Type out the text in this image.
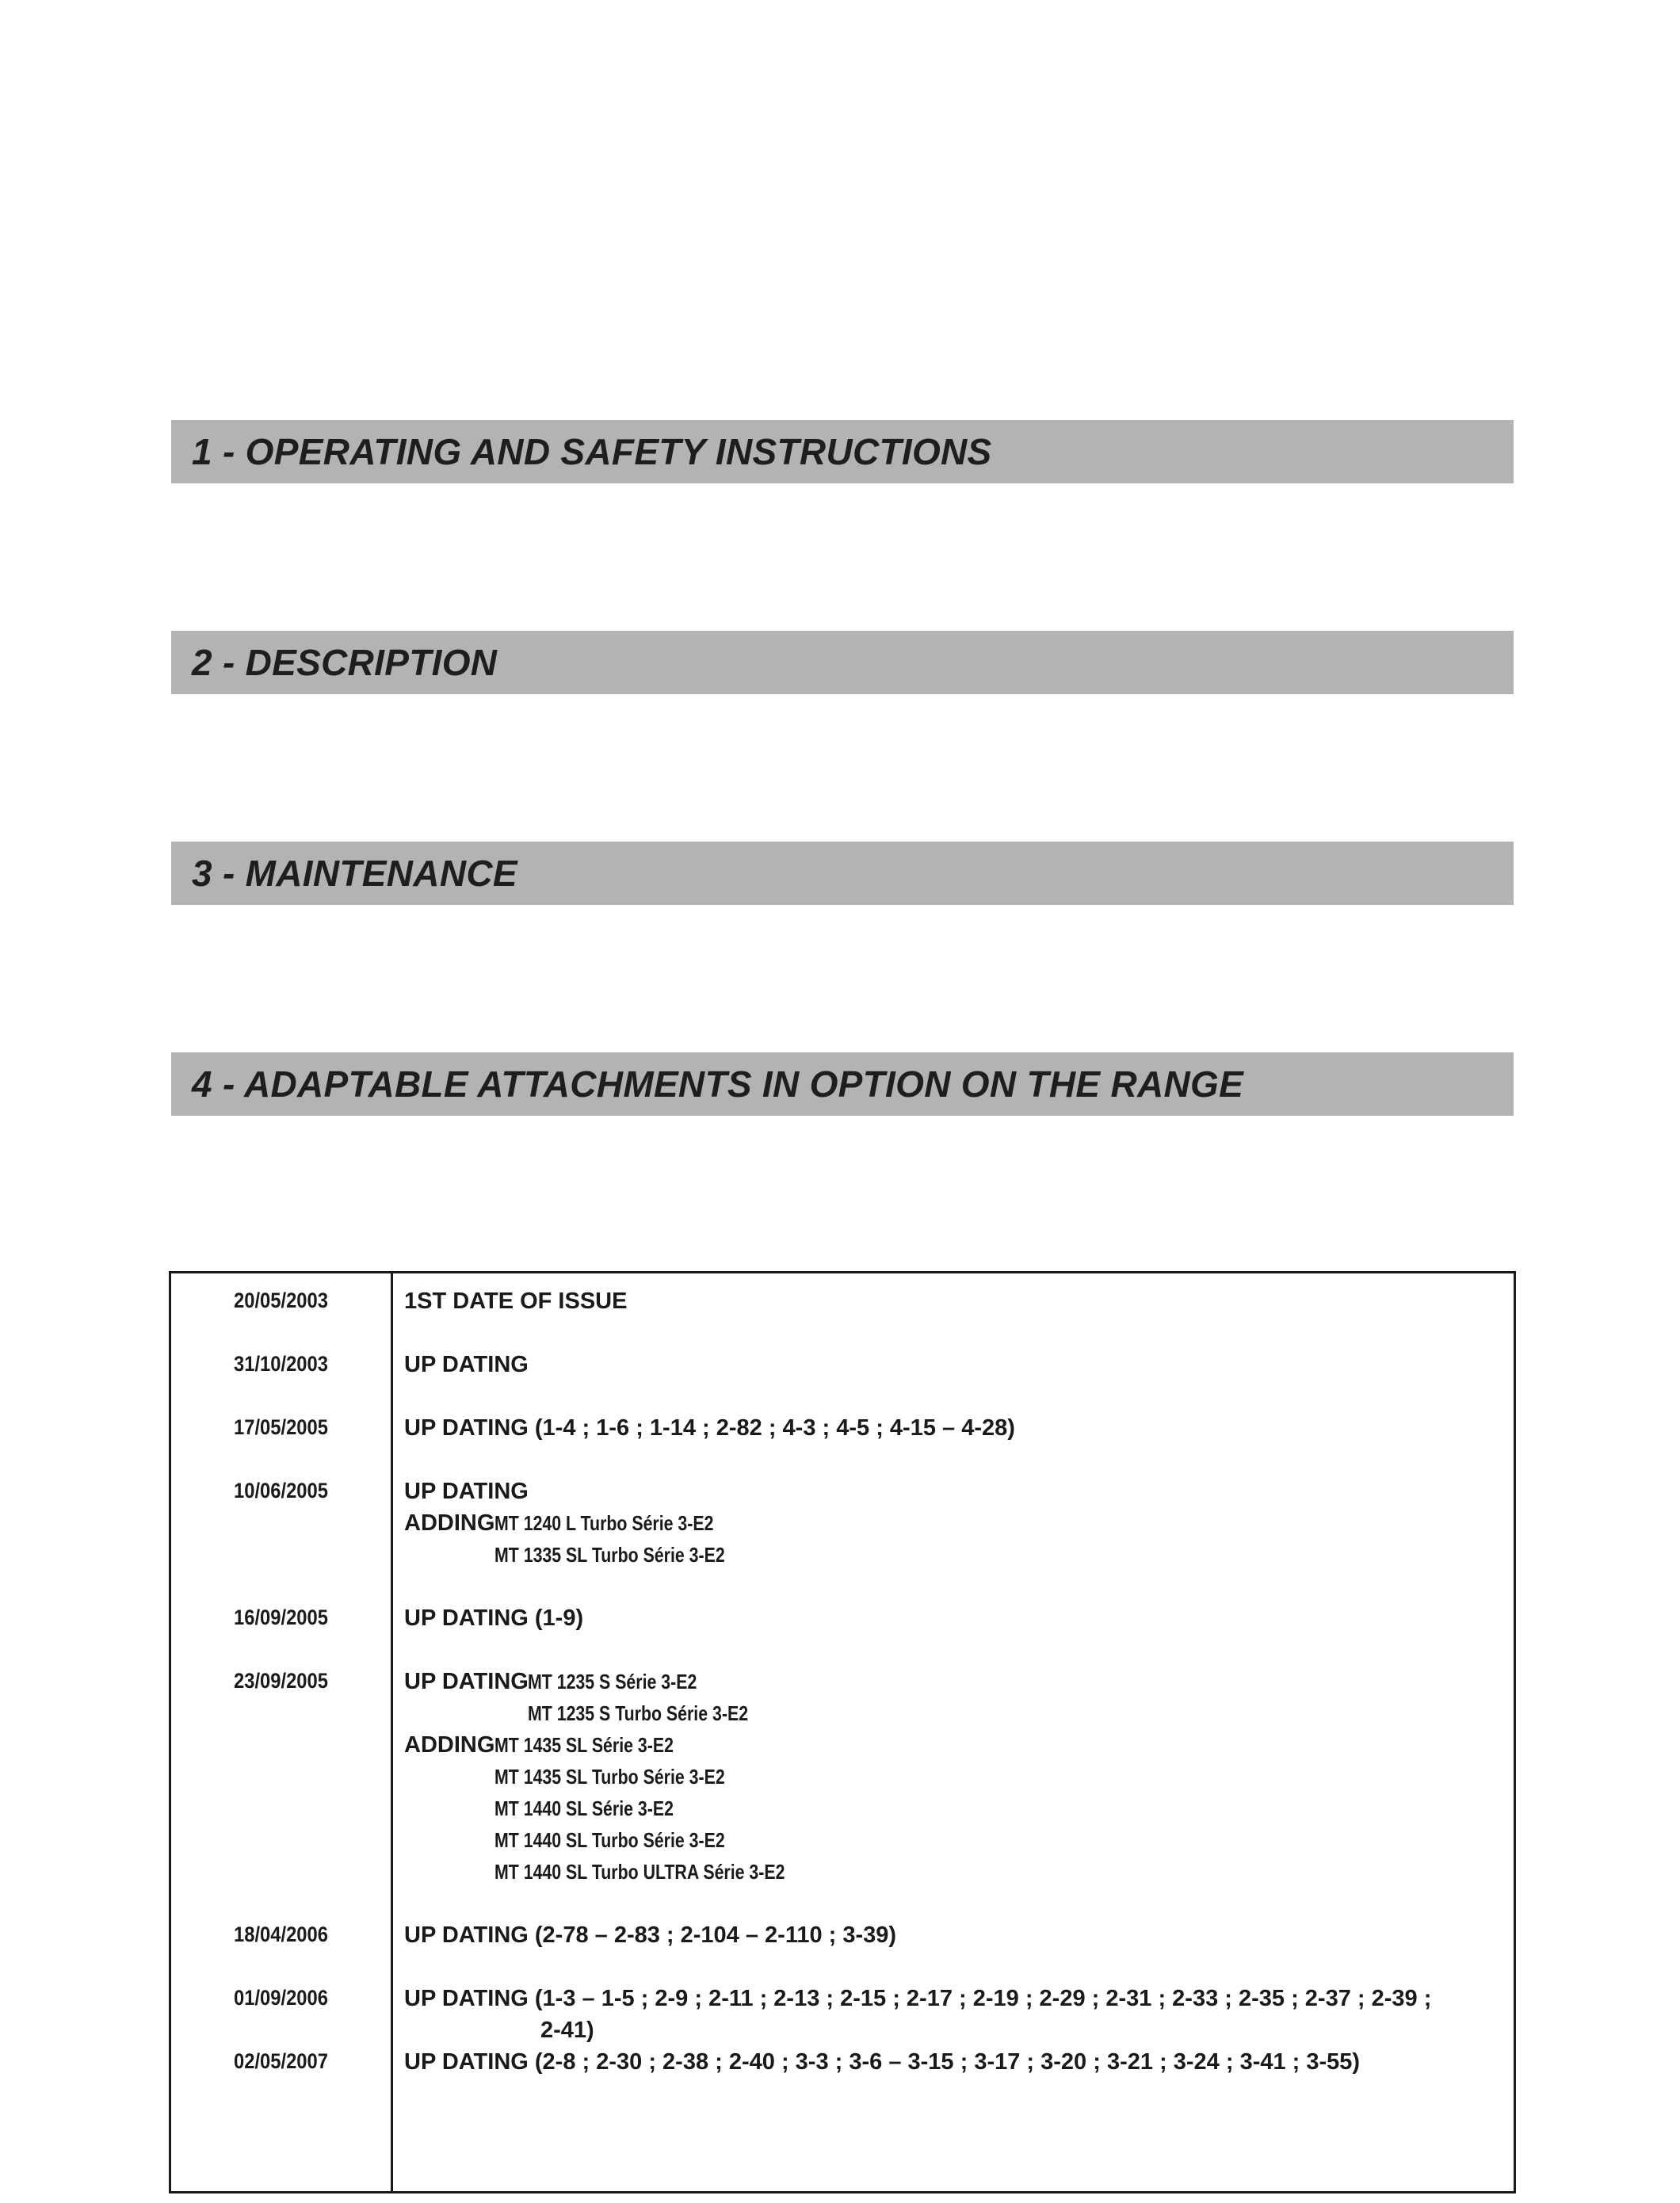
1 - OPERATING AND SAFETY INSTRUCTIONS
2 - DESCRIPTION
3 - MAINTENANCE
4 - ADAPTABLE ATTACHMENTS IN OPTION ON THE RANGE
20/05/2003	1ST DATE OF ISSUE
31/10/2003	UP DATING
17/05/2005	UP DATING (1-4 ; 1-6 ; 1-14 ; 2-82 ; 4-3 ; 4-5 ; 4-15 – 4-28)
10/06/2005	UP DATING
ADDING MT 1240 L Turbo Série 3-E2
MT 1335 SL Turbo Série 3-E2
16/09/2005	UP DATING (1-9)
23/09/2005	UP DATING MT 1235 S Série 3-E2
MT 1235 S Turbo Série 3-E2
ADDING MT 1435 SL Série 3-E2
MT 1435 SL Turbo Série 3-E2
MT 1440 SL Série 3-E2
MT 1440 SL Turbo Série 3-E2
MT 1440 SL Turbo ULTRA Série 3-E2
18/04/2006	UP DATING (2-78 – 2-83 ; 2-104 – 2-110 ; 3-39)
01/09/2006	UP DATING (1-3 – 1-5 ; 2-9 ; 2-11 ; 2-13 ; 2-15 ; 2-17 ; 2-19 ; 2-29 ; 2-31 ; 2-33 ; 2-35 ; 2-37 ; 2-39 ;
2-41)
02/05/2007	UP DATING (2-8 ; 2-30 ; 2-38 ; 2-40 ; 3-3 ; 3-6 – 3-15 ; 3-17 ; 3-20 ; 3-21 ; 3-24 ; 3-41 ; 3-55)
